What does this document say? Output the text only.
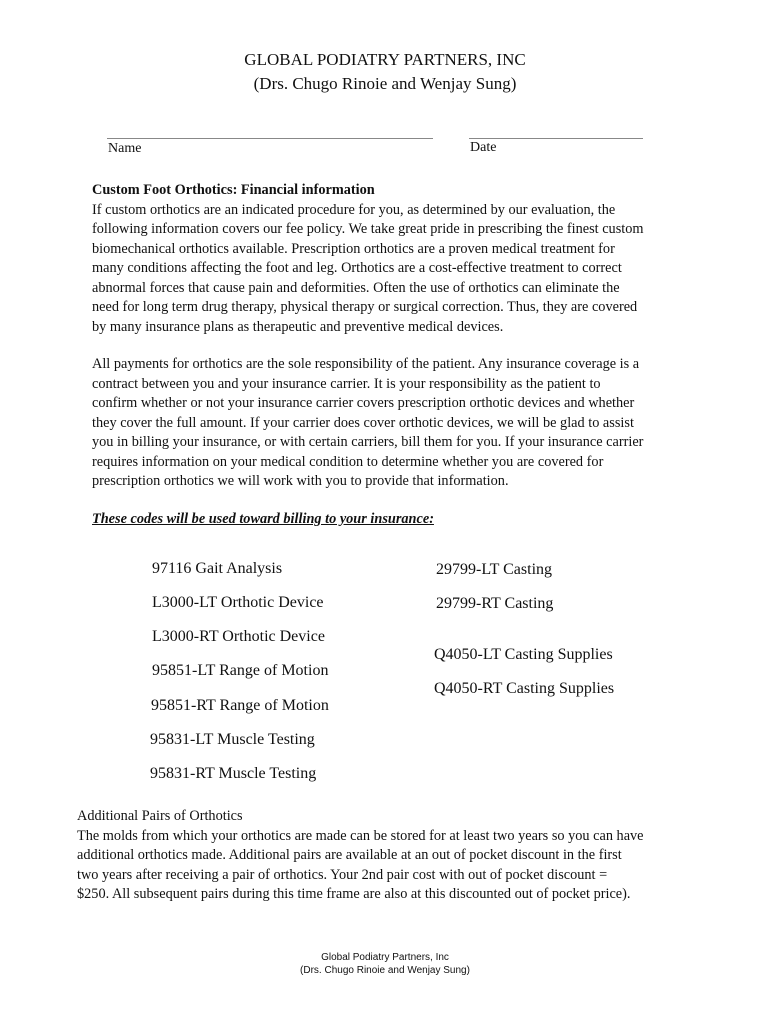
GLOBAL PODIATRY PARTNERS, INC
(Drs. Chugo Rinoie and Wenjay Sung)
Name	Date
Custom Foot Orthotics: Financial information
If custom orthotics are an indicated procedure for you, as determined by our evaluation, the
following information covers our fee policy. We take great pride in prescribing the finest custom
biomechanical orthotics available. Prescription orthotics are a proven medical treatment for
many conditions affecting the foot and leg. Orthotics are a cost-effective treatment to correct
abnormal forces that cause pain and deformities. Often the use of orthotics can eliminate the
need for long term drug therapy, physical therapy or surgical correction. Thus, they are covered
by many insurance plans as therapeutic and preventive medical devices.
All payments for orthotics are the sole responsibility of the patient. Any insurance coverage is a
contract between you and your insurance carrier. It is your responsibility as the patient to
confirm whether or not your insurance carrier covers prescription orthotic devices and whether
they cover the full amount. If your carrier does cover orthotic devices, we will be glad to assist
you in billing your insurance, or with certain carriers, bill them for you. If your insurance carrier
requires information on your medical condition to determine whether you are covered for
prescription orthotics we will work with you to provide that information.
These codes will be used toward billing to your insurance:
97116 Gait Analysis
L3000-LT Orthotic Device
L3000-RT Orthotic Device
95851-LT Range of Motion
95851-RT Range of Motion
95831-LT Muscle Testing
95831-RT Muscle Testing
29799-LT Casting
29799-RT Casting
Q4050-LT Casting Supplies
Q4050-RT Casting Supplies
Additional Pairs of Orthotics
The molds from which your orthotics are made can be stored for at least two years so you can have
additional orthotics made. Additional pairs are available at an out of pocket discount in the first
two years after receiving a pair of orthotics. Your 2nd pair cost with out of pocket discount =
$250. All subsequent pairs during this time frame are also at this discounted out of pocket price).
Global Podiatry Partners, Inc
(Drs. Chugo Rinoie and Wenjay Sung)
